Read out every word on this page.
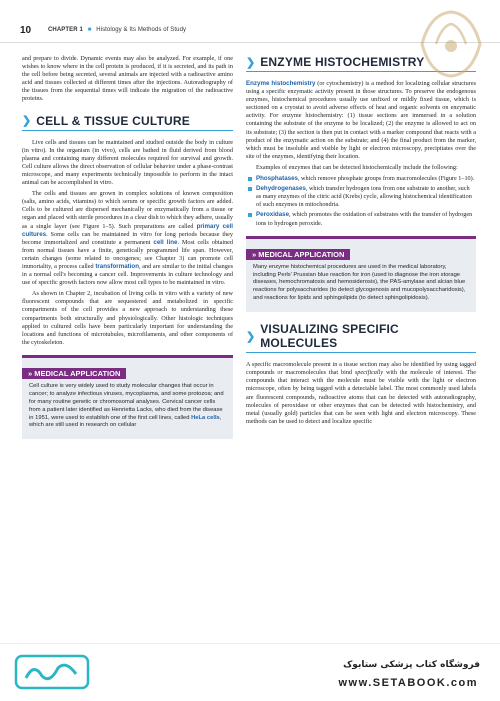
10	CHAPTER 1 ■ Histology & Its Methods of Study

and prepare to divide. Dynamic events may also be analyzed. For example, if one wishes to know where in the cell protein is produced, if it is secreted, and its path in the cell before being secreted, several animals are injected with a radioactive amino acid and tissues collected at different times after the injections. Autoradiography of the tissues from the sequential times will indicate the migration of the radioactive proteins.

❯ CELL & TISSUE CULTURE

Live cells and tissues can be maintained and studied outside the body in culture (in vitro). In the organism (in vivo), cells are bathed in fluid derived from blood plasma and containing many different molecules required for survival and growth. Cell culture allows the direct observation of cellular behavior under a phase-contrast microscope, and many experiments technically impossible to perform in the intact animal can be accomplished in vitro.

The cells and tissues are grown in complex solutions of known composition (salts, amino acids, vitamins) to which serum or specific growth factors are added. Cells to be cultured are dispersed mechanically or enzymatically from a tissue or organ and placed with sterile procedures in a clear dish to which they adhere, usually as a single layer (see Figure 1–5). Such preparations are called primary cell cultures. Some cells can be maintained in vitro for long periods because they become immortalized and constitute a permanent cell line. Most cells obtained from normal tissues have a finite, genetically programmed life span. However, certain changes (some related to oncogenes; see Chapter 3) can promote cell immortality, a process called transformation, and are similar to the initial changes in a normal cell's becoming a cancer cell. Improvements in culture technology and use of specific growth factors now allow most cell types to be maintained in vitro.

As shown in Chapter 2, incubation of living cells in vitro with a variety of new fluorescent compounds that are sequestered and metabolized in specific compartments of the cell provides a new approach to understanding these compartments both structurally and physiologically. Other histologic techniques applied to cultured cells have been particularly important for understanding the locations and functions of microtubules, microfilaments, and other components of the cytoskeleton.

» MEDICAL APPLICATION

Cell culture is very widely used to study molecular changes that occur in cancer; to analyze infectious viruses, mycoplasma, and some protozoa; and for many routine genetic or chromosomal analyses. Cervical cancer cells from a patient later identified as Henrietta Lacks, who died from the disease in 1951, were used to establish one of the first cell lines, called HeLa cells, which are still used in research on cellular

❯ ENZYME HISTOCHEMISTRY

Enzyme histochemistry (or cytochemistry) is a method for localizing cellular structures using a specific enzymatic activity present in those structures. To preserve the endogenous enzymes, histochemical procedures usually use unfixed or mildly fixed tissue, which is sectioned on a cryostat to avoid adverse effects of heat and organic solvents on enzymatic activity. For enzyme histochemistry: (1) tissue sections are immersed in a solution containing the substrate of the enzyme to be localized; (2) the enzyme is allowed to act on its substrate; (3) the section is then put in contact with a marker compound that reacts with a product of the enzymatic action on the substrate; and (4) the final product from the marker, which must be insoluble and visible by light or electron microscopy, precipitates over the site of the enzymes, identifying their location.

Examples of enzymes that can be detected histochemically include the following:

Phosphatases, which remove phosphate groups from macromolecules (Figure 1–10).
Dehydrogenases, which transfer hydrogen ions from one substrate to another, such as many enzymes of the citric acid (Krebs) cycle, allowing histochemical identification of such enzymes in mitochondria.
Peroxidase, which promotes the oxidation of substrates with the transfer of hydrogen ions to hydrogen peroxide.
» MEDICAL APPLICATION

Many enzyme histochemical procedures are used in the medical laboratory, including Perls' Prussian blue reaction for iron (used to diagnose the iron storage diseases, hemochromatosis and hemosiderosis), the PAS-amylase and alcian blue reactions for polysaccharides (to detect glycogenosis and mucopolysaccharidosis), and reactions for lipids and sphingolipids (to detect sphingolipidosis).

❯
VISUALIZING SPECIFIC MOLECULES

A specific macromolecule present in a tissue section may also be identified by using tagged compounds or macromolecules that bind specifically with the molecule of interest. The compounds that interact with the molecule must be visible with the light or electron microscope, often by being tagged with a detectable label. The most commonly used labels are fluorescent compounds, radioactive atoms that can be detected with autoradiography, molecules of peroxidase or other enzymes that can be detected with histochemistry, and metal (usually gold) particles that can be seen with light and electron microscopy. These methods can be used to detect and localize specific

فروشگاه کتاب پزشکی ستابوک
www.SETABOOK.com
